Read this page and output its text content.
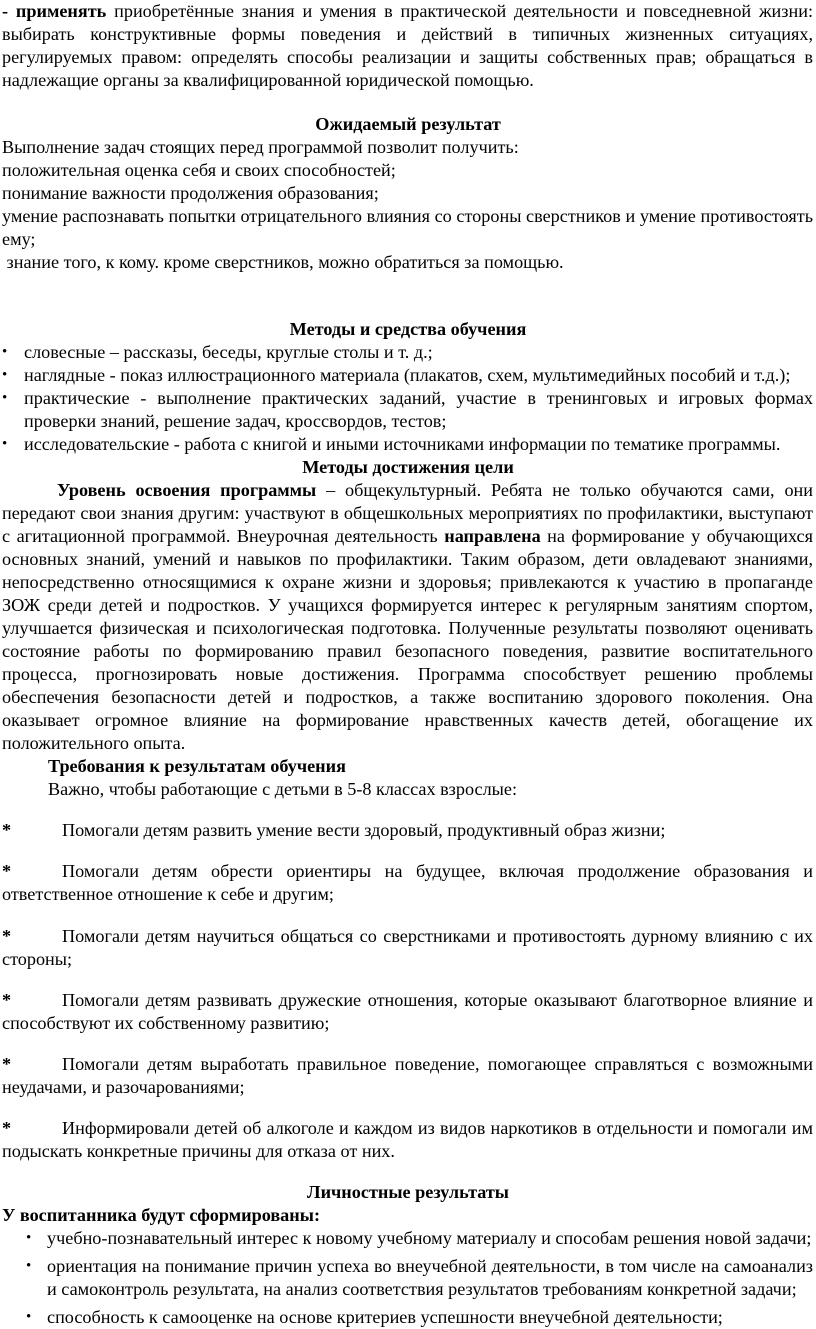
- применять приобретённые знания и умения в практической деятельности и повседневной жизни: выбирать конструктивные формы поведения и действий в типичных жизненных ситуациях, регулируемых правом: определять способы реализации и защиты собственных прав; обращаться в надлежащие органы за квалифицированной юридической помощью.

Ожидаемый результат

Выполнение задач стоящих перед программой позволит получить:

положительная оценка себя и своих способностей;

понимание важности продолжения образования;

умение распознавать попытки отрицательного влияния со стороны сверстников и умение противостоять ему;

знание того, к кому. кроме сверстников, можно обратиться за помощью.

Методы и средства обучения

• словесные – рассказы, беседы, круглые столы и т. д.;
• наглядные - показ иллюстрационного материала (плакатов, схем, мультимедийных пособий и т.д.);
• практические - выполнение практических заданий, участие в тренинговых и игровых формах проверки знаний, решение задач, кроссвордов, тестов;
• исследовательские - работа с книгой и иными источниками информации по тематике программы.

Методы достижения цели

Уровень освоения программы – общекультурный. Ребята не только обучаются сами, они передают свои знания другим: участвуют в общешкольных мероприятиях по профилактики, выступают с агитационной программой. Внеурочная деятельность направлена на формирование у обучающихся основных знаний, умений и навыков по профилактики. Таким образом, дети овладевают знаниями, непосредственно относящимися к охране жизни и здоровья; привлекаются к участию в пропаганде ЗОЖ среди детей и подростков. У учащихся формируется интерес к регулярным занятиям спортом, улучшается физическая и психологическая подготовка. Полученные результаты позволяют оценивать состояние работы по формированию правил безопасного поведения, развитие воспитательного процесса, прогнозировать новые достижения. Программа способствует решению проблемы обеспечения безопасности детей и подростков, а также воспитанию здорового поколения. Она оказывает огромное влияние на формирование нравственных качеств детей, обогащение их положительного опыта.

Требования к результатам обучения

Важно, чтобы работающие с детьми в 5-8 классах взрослые:

*	Помогали детям развить умение вести здоровый, продуктивный образ жизни;

*	Помогали детям обрести ориентиры на будущее, включая продолжение образования и ответственное отношение к себе и другим;

*	Помогали детям научиться общаться со сверстниками и противостоять дурному влиянию с их стороны;

*	Помогали детям развивать дружеские отношения, которые оказывают благотворное влияние и способствуют их собственному развитию;

*	Помогали детям выработать правильное поведение, помогающее справляться с возможными неудачами, и разочарованиями;

*	Информировали детей об алкоголе и каждом из видов наркотиков в отдельности и помогали им подыскать конкретные причины для отказа от них.

Личностные результаты

У воспитанника будут сформированы:

• учебно-познавательный интерес к новому учебному материалу и способам решения новой задачи;
• ориентация на понимание причин успеха во внеучебной деятельности, в том числе на самоанализ и самоконтроль результата, на анализ соответствия результатов требованиям конкретной задачи;
• способность к самооценке на основе критериев успешности внеучебной деятельности;
